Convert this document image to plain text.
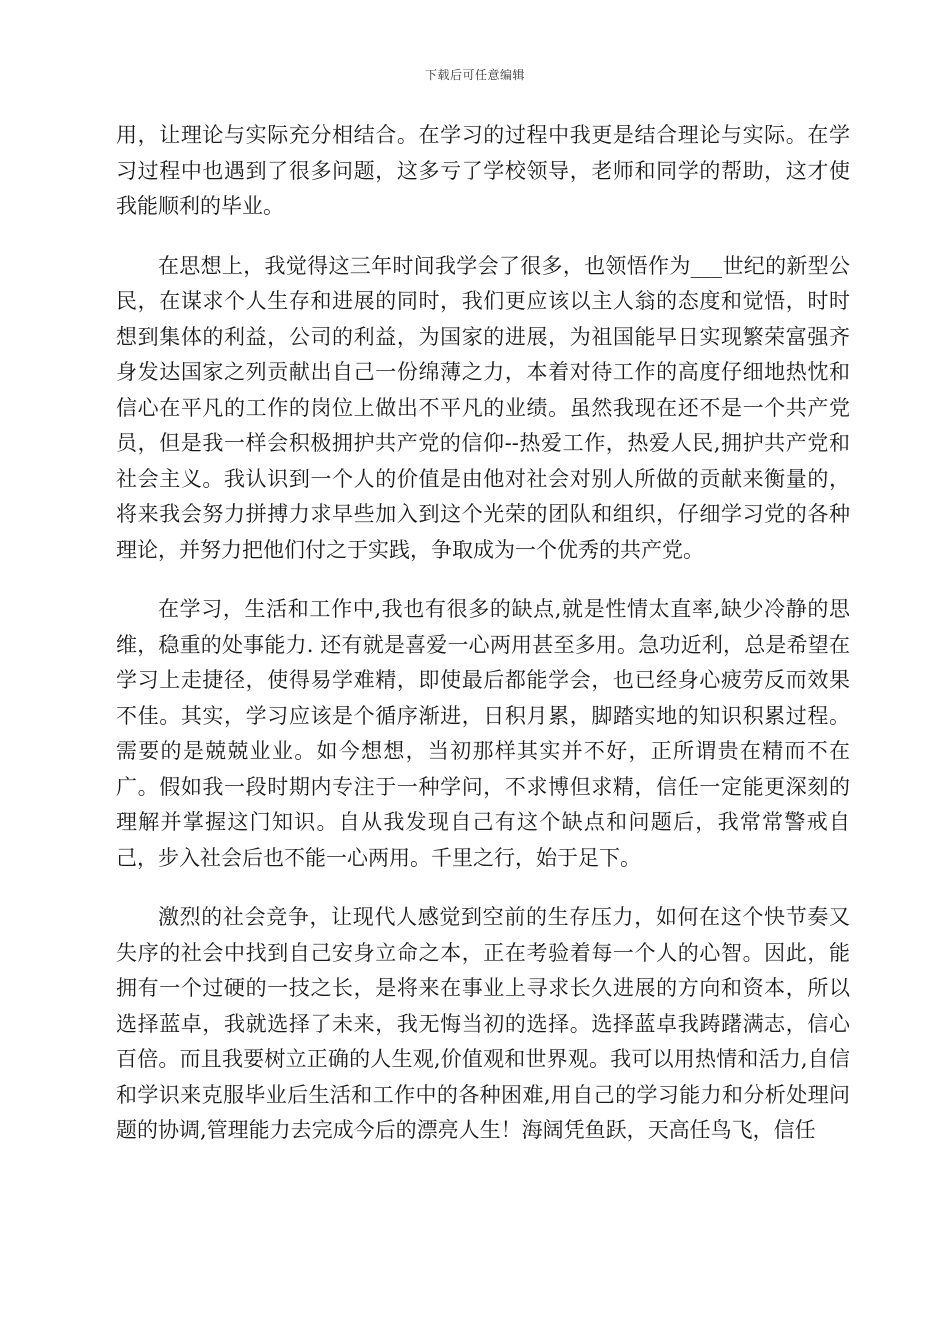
下载后可任意编辑

用，让理论与实际充分相结合。在学习的过程中我更是结合理论与实际。在学习过程中也遇到了很多问题，这多亏了学校领导，老师和同学的帮助，这才使我能顺利的毕业。

在思想上，我觉得这三年时间我学会了很多，也领悟作为___世纪的新型公民，在谋求个人生存和进展的同时，我们更应该以主人翁的态度和觉悟，时时想到集体的利益，公司的利益，为国家的进展，为祖国能早日实现繁荣富强齐身发达国家之列贡献出自己一份绵薄之力，本着对待工作的高度仔细地热忱和信心在平凡的工作的岗位上做出不平凡的业绩。虽然我现在还不是一个共产党员，但是我一样会积极拥护共产党的信仰--热爱工作，热爱人民,拥护共产党和社会主义。我认识到一个人的价值是由他对社会对别人所做的贡献来衡量的，将来我会努力拼搏力求早些加入到这个光荣的团队和组织，仔细学习党的各种理论，并努力把他们付之于实践，争取成为一个优秀的共产党。

在学习，生活和工作中,我也有很多的缺点,就是性情太直率,缺少冷静的思维，稳重的处事能力. 还有就是喜爱一心两用甚至多用。急功近利，总是希望在学习上走捷径，使得易学难精，即使最后都能学会，也已经身心疲劳反而效果不佳。其实，学习应该是个循序渐进，日积月累，脚踏实地的知识积累过程。需要的是兢兢业业。如今想想，当初那样其实并不好，正所谓贵在精而不在广。假如我一段时期内专注于一种学问，不求博但求精，信任一定能更深刻的理解并掌握这门知识。自从我发现自己有这个缺点和问题后，我常常警戒自己，步入社会后也不能一心两用。千里之行，始于足下。

激烈的社会竞争，让现代人感觉到空前的生存压力，如何在这个快节奏又失序的社会中找到自己安身立命之本，正在考验着每一个人的心智。因此，能拥有一个过硬的一技之长，是将来在事业上寻求长久进展的方向和资本，所以选择蓝卓，我就选择了未来，我无悔当初的选择。选择蓝卓我踌躇满志，信心百倍。而且我要树立正确的人生观,价值观和世界观。我可以用热情和活力,自信和学识来克服毕业后生活和工作中的各种困难,用自己的学习能力和分析处理问题的协调,管理能力去完成今后的漂亮人生！海阔凭鱼跃，天高任鸟飞，信任
